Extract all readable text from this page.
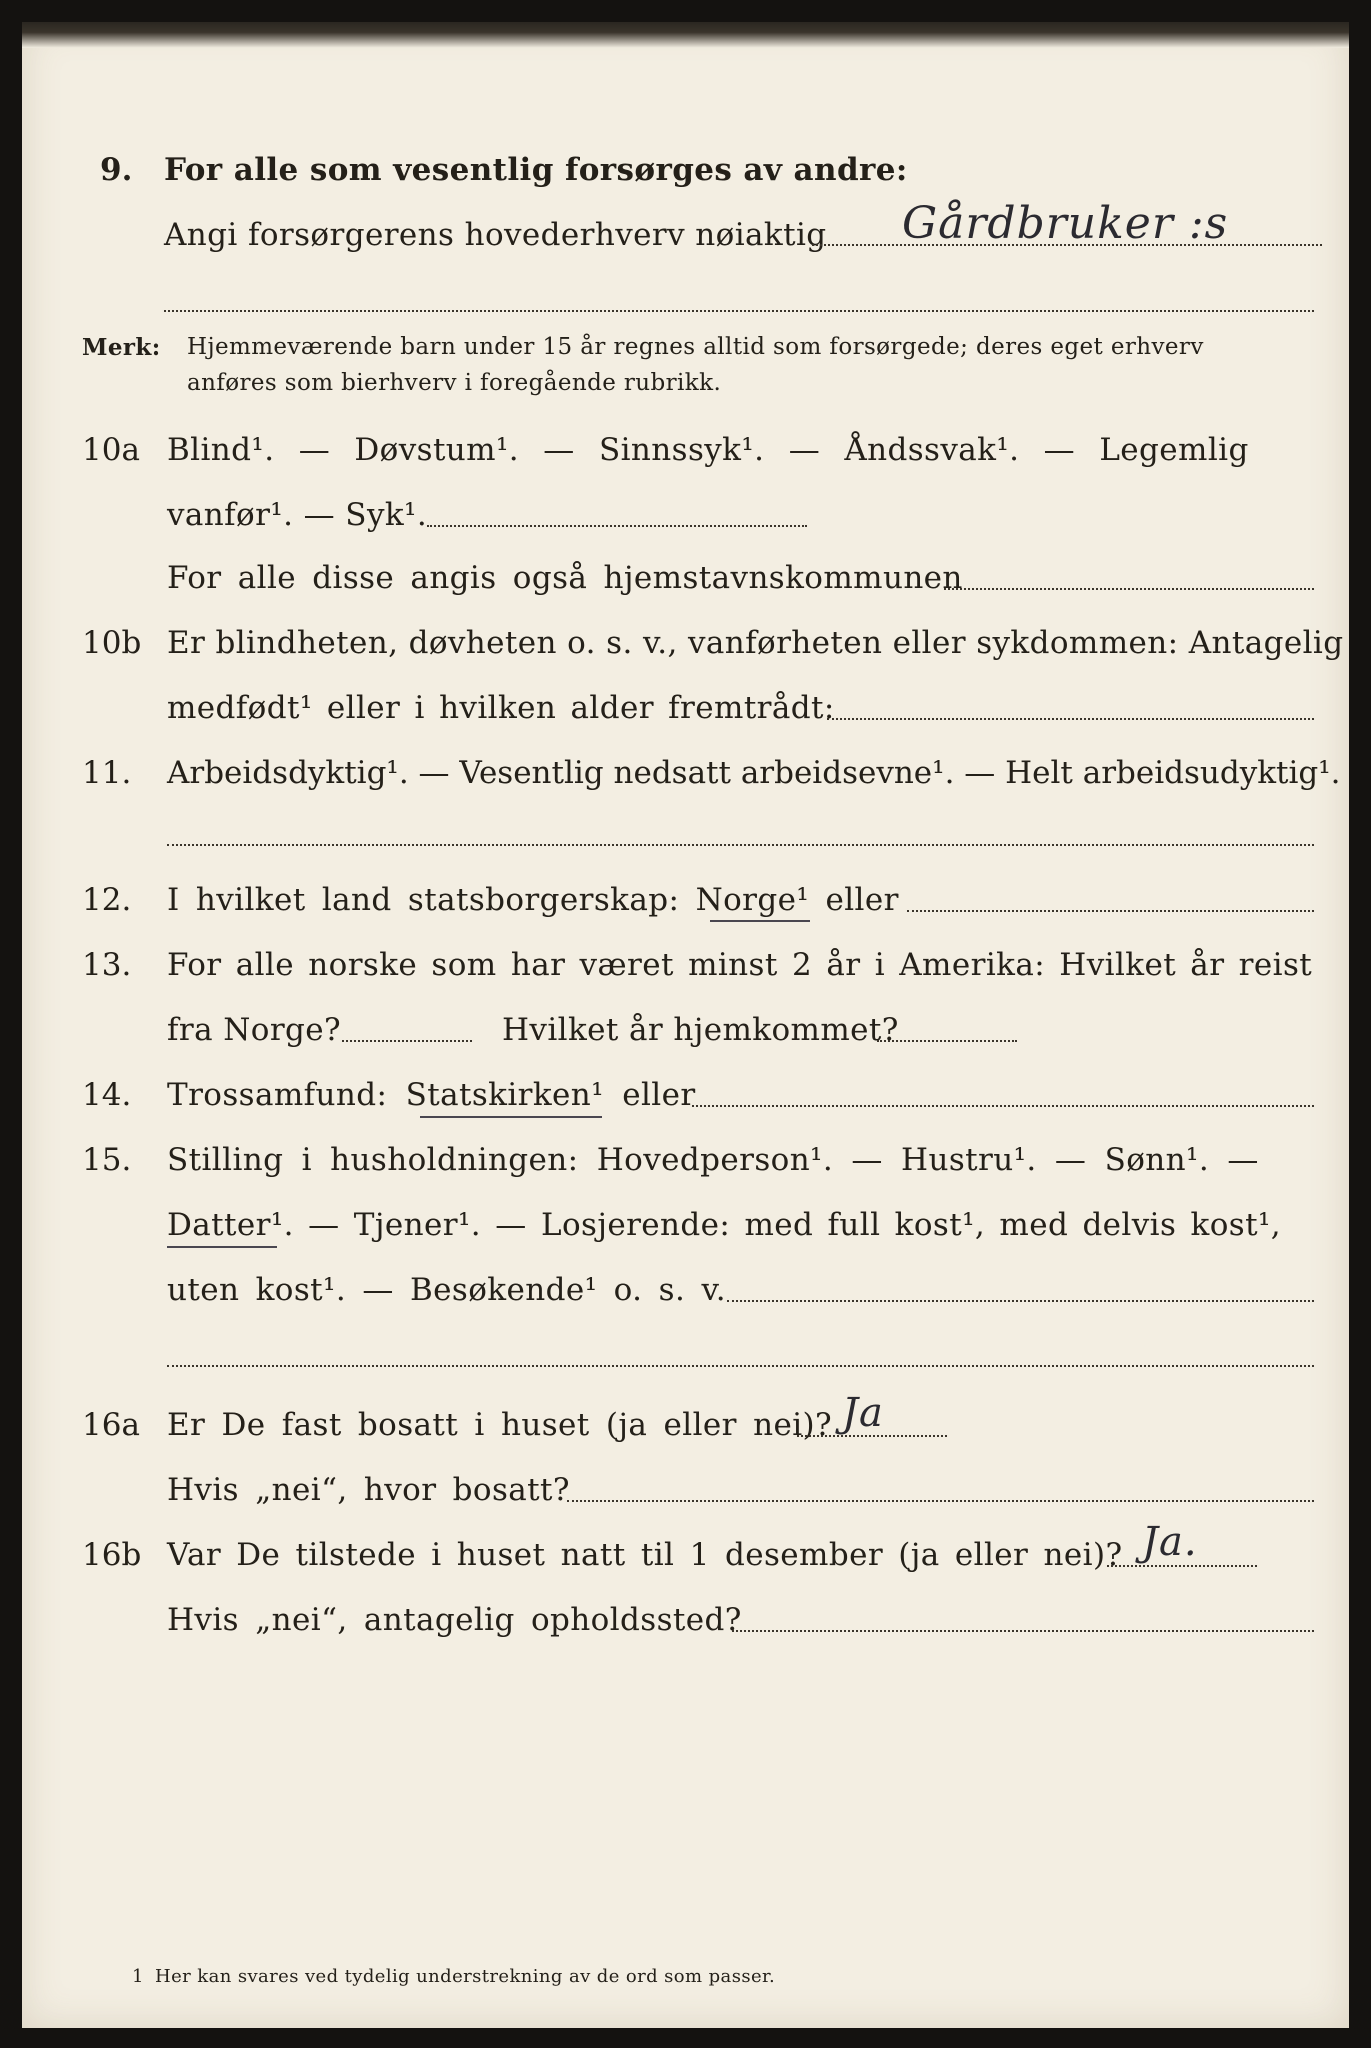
9. For alle som vesentlig forsørges av andre:
Angi forsørgerens hovederhverv nøiaktig Gårdbruker :s
Merk: Hjemmeværende barn under 15 år regnes alltid som forsørgede; deres eget erhverv
anføres som bierhverv i foregående rubrikk.
10a Blind¹. — Døvstum¹. — Sinnssyk¹. — Åndssvak¹. — Legemlig
vanfør¹. — Syk¹.
For alle disse angis også hjemstavnskommunen
10b Er blindheten, døvheten o. s. v., vanførheten eller sykdommen: Antagelig
medfødt¹ eller i hvilken alder fremtrådt:
11. Arbeidsdyktig¹. — Vesentlig nedsatt arbeidsevne¹. — Helt arbeidsudyktig¹.
12. I hvilket land statsborgerskap: Norge¹ eller
13. For alle norske som har været minst 2 år i Amerika: Hvilket år reist
fra Norge?	Hvilket år hjemkommet?
14. Trossamfund: Statskirken¹ eller
15. Stilling i husholdningen: Hovedperson¹. — Hustru¹. — Sønn¹. —
Datter¹. — Tjener¹. — Losjerende: med full kost¹, med delvis kost¹,
uten kost¹. — Besøkende¹ o. s. v.
16a Er De fast bosatt i huset (ja eller nei)? Ja
Hvis „nei“, hvor bosatt?
16b Var De tilstede i huset natt til 1 desember (ja eller nei)? Ja.
Hvis „nei“, antagelig opholdssted?
1 Her kan svares ved tydelig understrekning av de ord som passer.
